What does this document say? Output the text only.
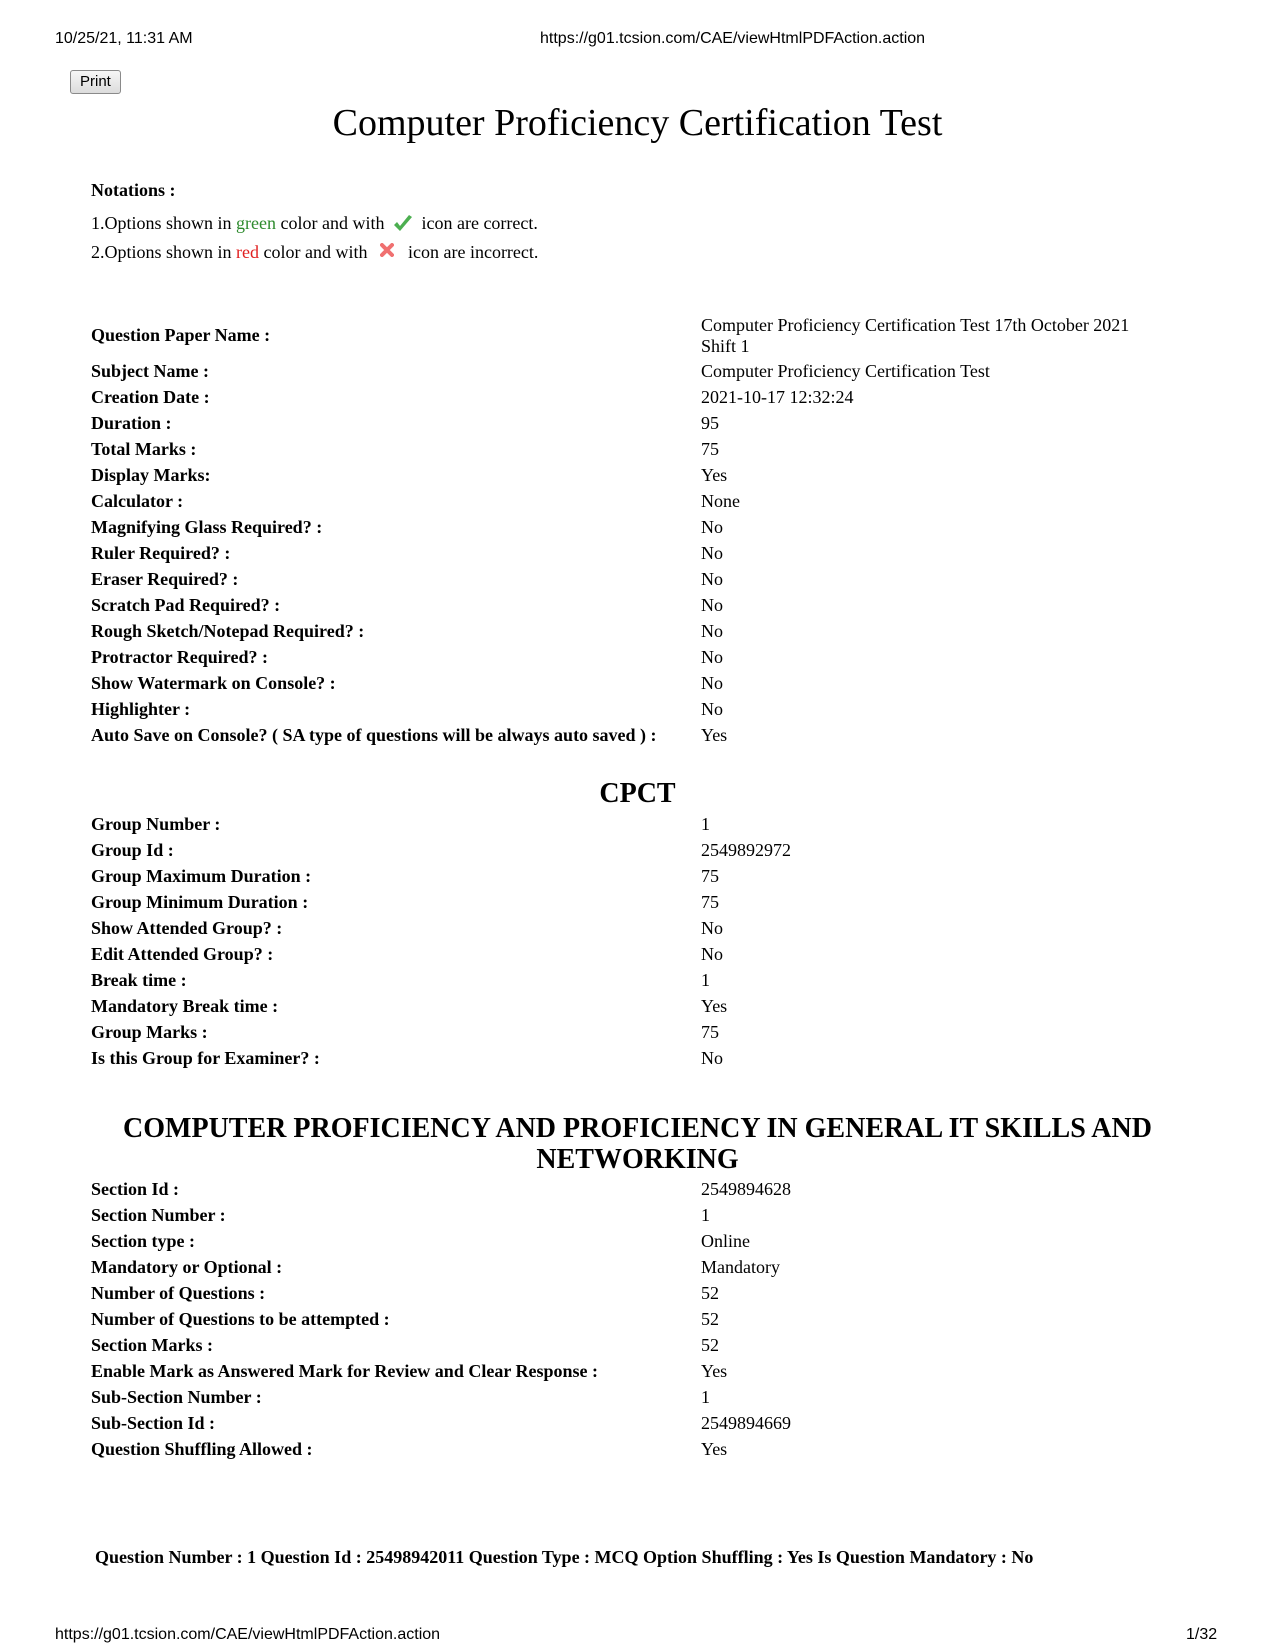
10/25/21, 11:31 AM	https://g01.tcsion.com/CAE/viewHtmlPDFAction.action
Print
Computer Proficiency Certification Test
Notations :
1.Options shown in green color and with icon are correct.
2.Options shown in red color and with icon are incorrect.
Question Paper Name :	Computer Proficiency Certification Test 17th October 2021 Shift 1
Subject Name :	Computer Proficiency Certification Test
Creation Date :	2021-10-17 12:32:24
Duration :	95
Total Marks :	75
Display Marks:	Yes
Calculator :	None
Magnifying Glass Required? :	No
Ruler Required? :	No
Eraser Required? :	No
Scratch Pad Required? :	No
Rough Sketch/Notepad Required? :	No
Protractor Required? :	No
Show Watermark on Console? :	No
Highlighter :	No
Auto Save on Console? ( SA type of questions will be always auto saved ) :	Yes
CPCT
Group Number :	1
Group Id :	2549892972
Group Maximum Duration :	75
Group Minimum Duration :	75
Show Attended Group? :	No
Edit Attended Group? :	No
Break time :	1
Mandatory Break time :	Yes
Group Marks :	75
Is this Group for Examiner? :	No
COMPUTER PROFICIENCY AND PROFICIENCY IN GENERAL IT SKILLS AND NETWORKING
Section Id :	2549894628
Section Number :	1
Section type :	Online
Mandatory or Optional :	Mandatory
Number of Questions :	52
Number of Questions to be attempted :	52
Section Marks :	52
Enable Mark as Answered Mark for Review and Clear Response :	Yes
Sub-Section Number :	1
Sub-Section Id :	2549894669
Question Shuffling Allowed :	Yes
Question Number : 1 Question Id : 25498942011 Question Type : MCQ Option Shuffling : Yes Is Question Mandatory : No
https://g01.tcsion.com/CAE/viewHtmlPDFAction.action	1/32
